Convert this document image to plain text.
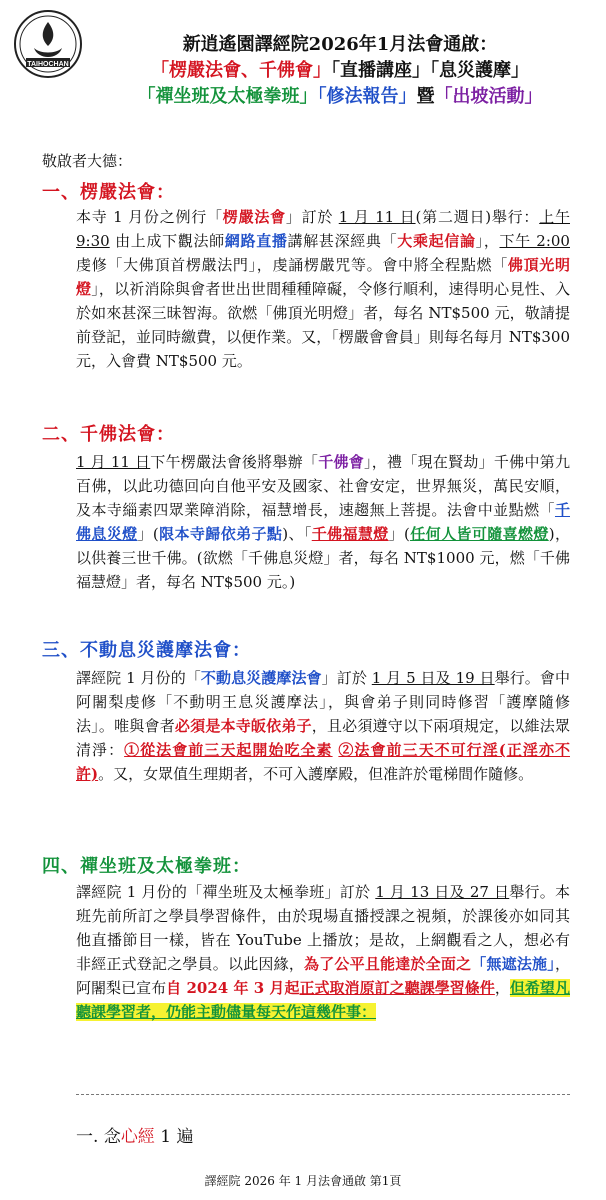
TAIHOCHAN
新逍遙園譯經院2026年1月法會通啟：
「楞嚴法會、千佛會」「直播講座」「息災護摩」
「禪坐班及太極拳班」「修法報告」暨「出坡活動」
敬啟者大德：
一、楞嚴法會：
本寺 1 月份之例行「楞嚴法會」訂於 1 月 11 日(第二週日)舉行：上午 9:30 由上成下觀法師網路直播講解甚深經典「大乘起信論」，下午 2:00 虔修「大佛頂首楞嚴法門」，虔誦楞嚴咒等。會中將全程點燃「佛頂光明燈」，以祈消除與會者世出世間種種障礙，令修行順利，速得明心見性、入於如來甚深三昧智海。欲燃「佛頂光明燈」者，每名 NT$500 元，敬請提前登記，並同時繳費，以便作業。又，「楞嚴會會員」則每名每月 NT$300 元，入會費 NT$500 元。
二、千佛法會：
1 月 11 日下午楞嚴法會後將舉辦「千佛會」，禮「現在賢劫」千佛中第九百佛，以此功德回向自他平安及國家、社會安定，世界無災，萬民安順，及本寺緇素四眾業障消除，福慧增長，速趨無上菩提。法會中並點燃「千佛息災燈」(限本寺歸依弟子點)、「千佛福慧燈」(任何人皆可隨喜燃燈)，以供養三世千佛。(欲燃「千佛息災燈」者，每名 NT$1000 元，燃「千佛福慧燈」者，每名 NT$500 元。)
三、不動息災護摩法會：
譯經院 1 月份的「不動息災護摩法會」訂於 1 月 5 日及 19 日舉行。會中阿闍梨虔修「不動明王息災護摩法」，與會弟子則同時修習「護摩隨修法」。唯與會者必須是本寺皈依弟子，且必須遵守以下兩項規定，以維法眾清淨：①從法會前三天起開始吃全素 ②法會前三天不可行淫(正淫亦不許)。又，女眾值生理期者，不可入護摩殿，但准許於電梯間作隨修。
四、禪坐班及太極拳班：
譯經院 1 月份的「禪坐班及太極拳班」訂於 1 月 13 日及 27 日舉行。本班先前所訂之學員學習條件，由於現場直播授課之視頻，於課後亦如同其他直播節目一樣，皆在 YouTube 上播放；是故，上網觀看之人，想必有非經正式登記之學員。以此因緣，為了公平且能達於全面之「無遮法施」，阿闍梨已宣布自 2024 年 3 月起正式取消原訂之聽課學習條件，但希望凡聽課學習者，仍能主動儘量每天作這幾件事：
一. 念心經 1 遍
譯經院 2026 年 1 月法會通啟 第1頁
